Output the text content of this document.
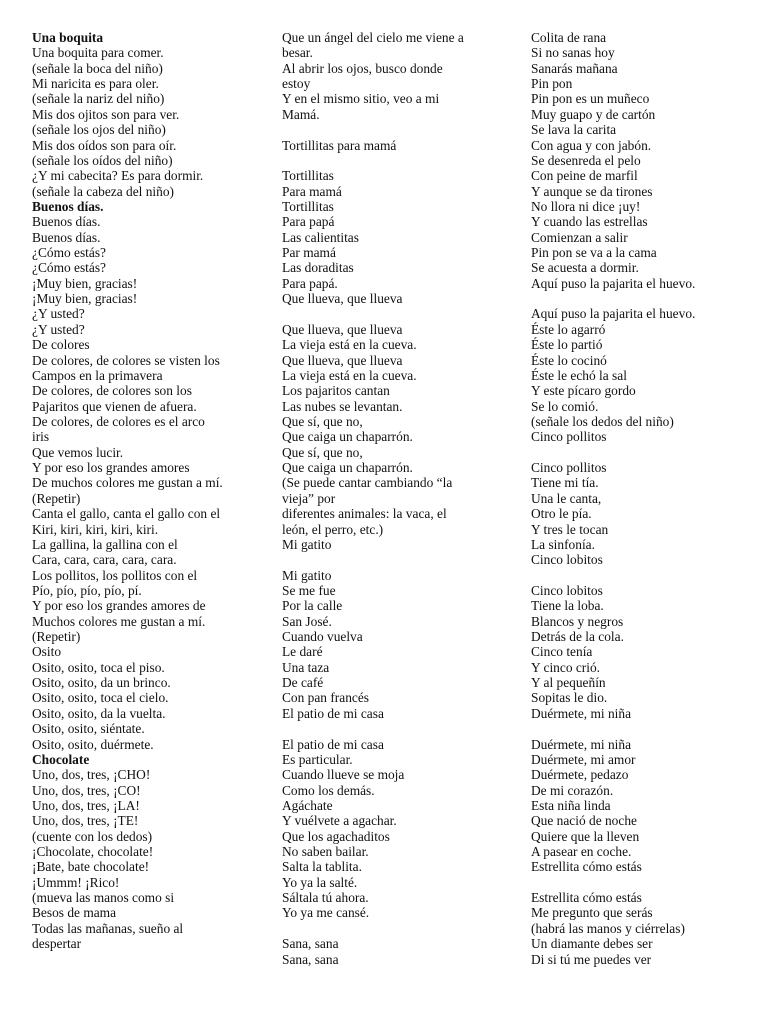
Una boquita
Una boquita para comer.
(señale la boca del niño)
Mi naricita es para oler.
(señale la nariz del niño)
Mis dos ojitos son para ver.
(señale los ojos del niño)
Mis dos oídos son para oír.
(señale los oídos del niño)
¿Y mi cabecita? Es para dormir.
(señale la cabeza del niño)
Buenos días.
Buenos días.
Buenos días.
¿Cómo estás?
¿Cómo estás?
¡Muy bien, gracias!
¡Muy bien, gracias!
¿Y usted?
¿Y usted?
De colores
De colores, de colores se visten los
Campos en la primavera
De colores, de colores son los
Pajaritos que vienen de afuera.
De colores, de colores es el arco
iris
Que vemos lucir.
Y por eso los grandes amores
De muchos colores me gustan a mí.
(Repetir)
Canta el gallo, canta el gallo con el
Kiri, kiri, kiri, kiri, kiri.
La gallina, la gallina con el
Cara, cara, cara, cara, cara.
Los pollitos, los pollitos con el
Pío, pío, pío, pío, pí.
Y por eso los grandes amores de
Muchos colores me gustan a mí.
(Repetir)
Osito
Osito, osito, toca el piso.
Osito, osito, da un brinco.
Osito, osito, toca el cielo.
Osito, osito, da la vuelta.
Osito, osito, siéntate.
Osito, osito, duérmete.
Chocolate
Uno, dos, tres, ¡CHO!
Uno, dos, tres, ¡CO!
Uno, dos, tres, ¡LA!
Uno, dos, tres, ¡TE!
(cuente con los dedos)
¡Chocolate, chocolate!
¡Bate, bate chocolate!
¡Ummm! ¡Rico!
(mueva las manos como si
Besos de mama
Todas las mañanas, sueño al
despertar
Que un ángel del cielo me viene a
besar.
Al abrir los ojos, busco donde
estoy
Y en el mismo sitio, veo a mi
Mamá.
Tortillitas para mamá
Tortillitas
Para mamá
Tortillitas
Para papá
Las calientitas
Par mamá
Las doraditas
Para papá.
Que llueva, que llueva
Que llueva, que llueva
La vieja está en la cueva.
Que llueva, que llueva
La vieja está en la cueva.
Los pajaritos cantan
Las nubes se levantan.
Que sí, que no,
Que caiga un chaparrón.
Que sí, que no,
Que caiga un chaparrón.
(Se puede cantar cambiando “la
vieja” por
diferentes animales: la vaca, el
león, el perro, etc.)
Mi gatito
Mi gatito
Se me fue
Por la calle
San José.
Cuando vuelva
Le daré
Una taza
De café
Con pan francés
El patio de mi casa
El patio de mi casa
Es particular.
Cuando llueve se moja
Como los demás.
Agáchate
Y vuélvete a agachar.
Que los agachaditos
No saben bailar.
Salta la tablita.
Yo ya la salté.
Sáltala tú ahora.
Yo ya me cansé.
Sana, sana
Sana, sana
Colita de rana
Si no sanas hoy
Sanarás mañana
Pin pon
Pin pon es un muñeco
Muy guapo y de cartón
Se lava la carita
Con agua y con jabón.
Se desenreda el pelo
Con peine de marfil
Y aunque se da tirones
No llora ni dice ¡uy!
Y cuando las estrellas
Comienzan a salir
Pin pon se va a la cama
Se acuesta a dormir.
Aquí puso la pajarita el huevo.
Aquí puso la pajarita el huevo.
Éste lo agarró
Éste lo partió
Éste lo cocinó
Éste le echó la sal
Y este pícaro gordo
Se lo comió.
(señale los dedos del niño)
Cinco pollitos
Cinco pollitos
Tiene mi tía.
Una le canta,
Otro le pía.
Y tres le tocan
La sinfonía.
Cinco lobitos
Cinco lobitos
Tiene la loba.
Blancos y negros
Detrás de la cola.
Cinco tenía
Y cinco crió.
Y al pequeñín
Sopitas le dio.
Duérmete, mi niña
Duérmete, mi niña
Duérmete, mi amor
Duérmete, pedazo
De mi corazón.
Esta niña linda
Que nació de noche
Quiere que la lleven
A pasear en coche.
Estrellita cómo estás
Estrellita cómo estás
Me pregunto que serás
(habrá las manos y ciérrelas)
Un diamante debes ser
Di si tú me puedes ver
